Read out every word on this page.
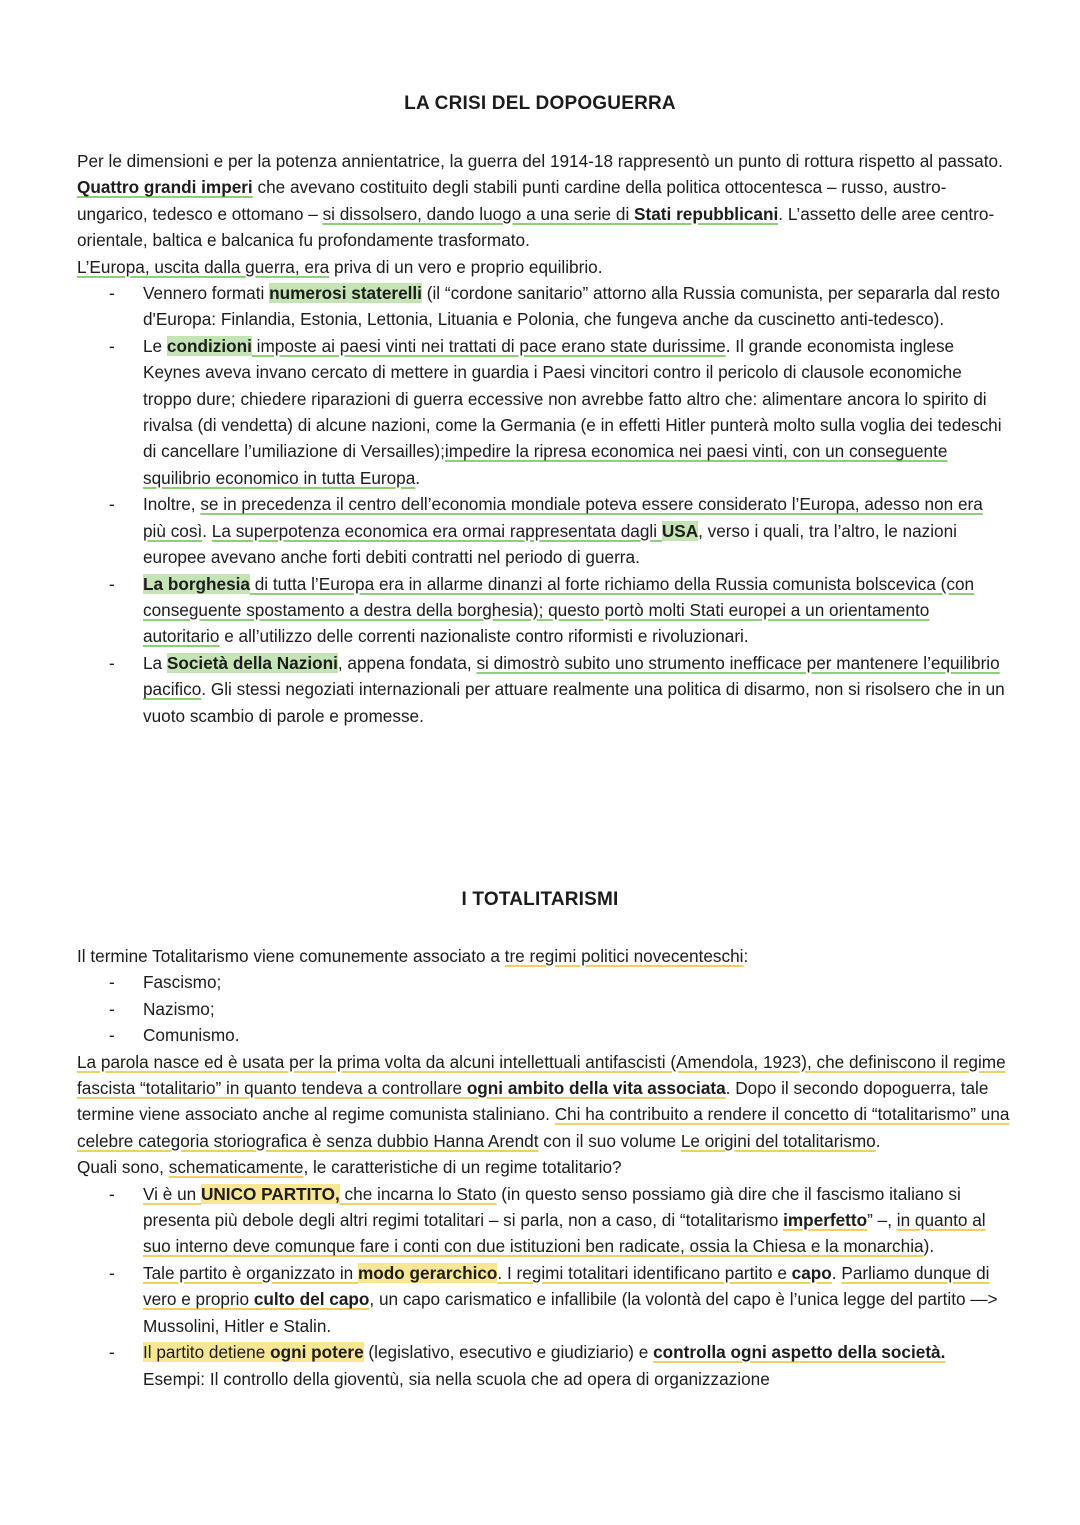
LA CRISI DEL DOPOGUERRA

Per le dimensioni e per la potenza annientatrice, la guerra del 1914-18 rappresentò un punto di rottura rispetto al passato.

Quattro grandi imperi che avevano costituito degli stabili punti cardine della politica ottocentesca – russo, austro-ungarico, tedesco e ottomano – si dissolsero, dando luogo a una serie di Stati repubblicani. L’assetto delle aree centro-orientale, baltica e balcanica fu profondamente trasformato.
L’Europa, uscita dalla guerra, era priva di un vero e proprio equilibrio.

- Vennero formati numerosi staterelli (il “cordone sanitario” attorno alla Russia comunista, per separarla dal resto d'Europa: Finlandia, Estonia, Lettonia, Lituania e Polonia, che fungeva anche da cuscinetto anti-tedesco).
- Le condizioni imposte ai paesi vinti nei trattati di pace erano state durissime. Il grande economista inglese Keynes aveva invano cercato di mettere in guardia i Paesi vincitori contro il pericolo di clausole economiche troppo dure; chiedere riparazioni di guerra eccessive non avrebbe fatto altro che: alimentare ancora lo spirito di rivalsa (di vendetta) di alcune nazioni, come la Germania (e in effetti Hitler punterà molto sulla voglia dei tedeschi di cancellare l’umiliazione di Versailles);impedire la ripresa economica nei paesi vinti, con un conseguente squilibrio economico in tutta Europa.
- Inoltre, se in precedenza il centro dell’economia mondiale poteva essere considerato l’Europa, adesso non era più così. La superpotenza economica era ormai rappresentata dagli USA, verso i quali, tra l’altro, le nazioni europee avevano anche forti debiti contratti nel periodo di guerra.
- La borghesia di tutta l’Europa era in allarme dinanzi al forte richiamo della Russia comunista bolscevica (con conseguente spostamento a destra della borghesia); questo portò molti Stati europei a un orientamento autoritario e all’utilizzo delle correnti nazionaliste contro riformisti e rivoluzionari.
- La Società della Nazioni, appena fondata, si dimostrò subito uno strumento inefficace per mantenere l’equilibrio pacifico. Gli stessi negoziati internazionali per attuare realmente una politica di disarmo, non si risolsero che in un vuoto scambio di parole e promesse.
I TOTALITARISMI

Il termine Totalitarismo viene comunemente associato a tre regimi politici novecenteschi:

- Fascismo;
- Nazismo;
- Comunismo.

La parola nasce ed è usata per la prima volta da alcuni intellettuali antifascisti (Amendola, 1923), che definiscono il regime fascista “totalitario” in quanto tendeva a controllare ogni ambito della vita associata. Dopo il secondo dopoguerra, tale termine viene associato anche al regime comunista staliniano. Chi ha contribuito a rendere il concetto di “totalitarismo” una celebre categoria storiografica è senza dubbio Hanna Arendt con il suo volume Le origini del totalitarismo.

Quali sono, schematicamente, le caratteristiche di un regime totalitario?

- Vi è un UNICO PARTITO, che incarna lo Stato (in questo senso possiamo già dire che il fascismo italiano si presenta più debole degli altri regimi totalitari – si parla, non a caso, di “totalitarismo imperfetto” –, in quanto al suo interno deve comunque fare i conti con due istituzioni ben radicate, ossia la Chiesa e la monarchia).
- Tale partito è organizzato in modo gerarchico. I regimi totalitari identificano partito e capo. Parliamo dunque di vero e proprio culto del capo, un capo carismatico e infallibile (la volontà del capo è l’unica legge del partito —> Mussolini, Hitler e Stalin.
- Il partito detiene ogni potere (legislativo, esecutivo e giudiziario) e controlla ogni aspetto della società. Esempi: Il controllo della gioventù, sia nella scuola che ad opera di organizzazione
